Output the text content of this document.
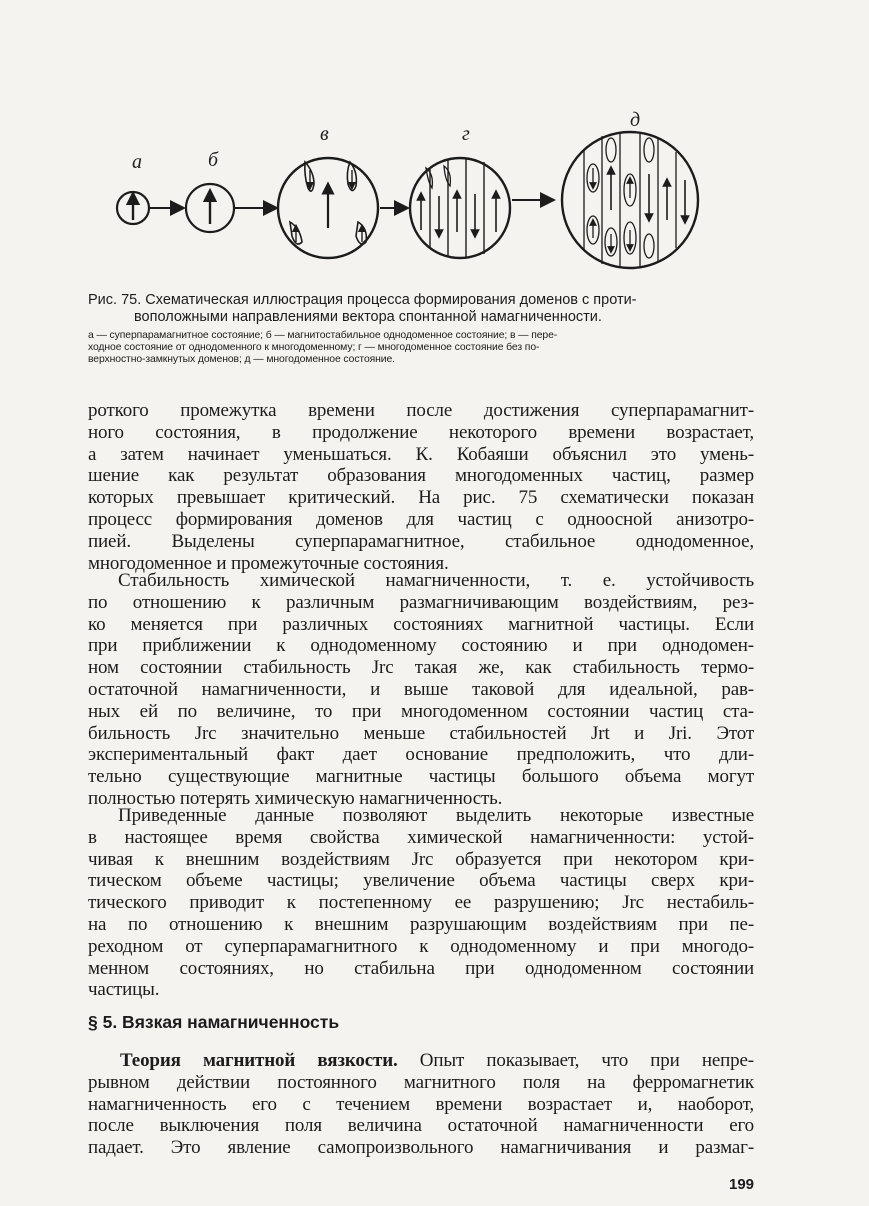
а	б
в	г
д

Рис. 75. Схематическая иллюстрация процесса формирования доменов с проти-
воположными направлениями вектора спонтанной намагниченности.

а — суперпарамагнитное состояние; б — магнитостабильное однодоменное состояние; в — пере-
ходное состояние от однодоменного к многодоменному; г — многодоменное состояние без по-
верхностно-замкнутых доменов; д — многодоменное состояние.

роткого промежутка времени после достижения суперпарамагнит-
ного состояния, в продолжение некоторого времени возрастает,
а затем начинает уменьшаться. К. Кобаяши объяснил это умень-
шение как результат образования многодоменных частиц, размер
которых превышает критический. На рис. 75 схематически показан
процесс формирования доменов для частиц с одноосной анизотро-
пией. Выделены суперпарамагнитное, стабильное однодоменное,
многодоменное и промежуточные состояния.

Стабильность химической намагниченности, т. е. устойчивость
по отношению к различным размагничивающим воздействиям, рез-
ко меняется при различных состояниях магнитной частицы. Если
при приближении к однодоменному состоянию и при однодомен-
ном состоянии стабильность Jrc такая же, как стабильность термо-
остаточной намагниченности, и выше таковой для идеальной, рав-
ных ей по величине, то при многодоменном состоянии частиц ста-
бильность Jrc значительно меньше стабильностей Jrt и Jri. Этот
экспериментальный факт дает основание предположить, что дли-
тельно существующие магнитные частицы большого объема могут
полностью потерять химическую намагниченность.

Приведенные данные позволяют выделить некоторые известные
в настоящее время свойства химической намагниченности: устой-
чивая к внешним воздействиям Jrc образуется при некотором кри-
тическом объеме частицы; увеличение объема частицы сверх кри-
тического приводит к постепенному ее разрушению; Jrc нестабиль-
на по отношению к внешним разрушающим воздействиям при пе-
реходном от суперпарамагнитного к однодоменному и при многодо-
менном состояниях, но стабильна при однодоменном состоянии
частицы.

§ 5. Вязкая намагниченность

Теория магнитной вязкости. Опыт показывает, что при непре-
рывном действии постоянного магнитного поля на ферромагнетик
намагниченность его с течением времени возрастает и, наоборот,
после выключения поля величина остаточной намагниченности его
падает. Это явление самопроизвольного намагничивания и размаг-

199
